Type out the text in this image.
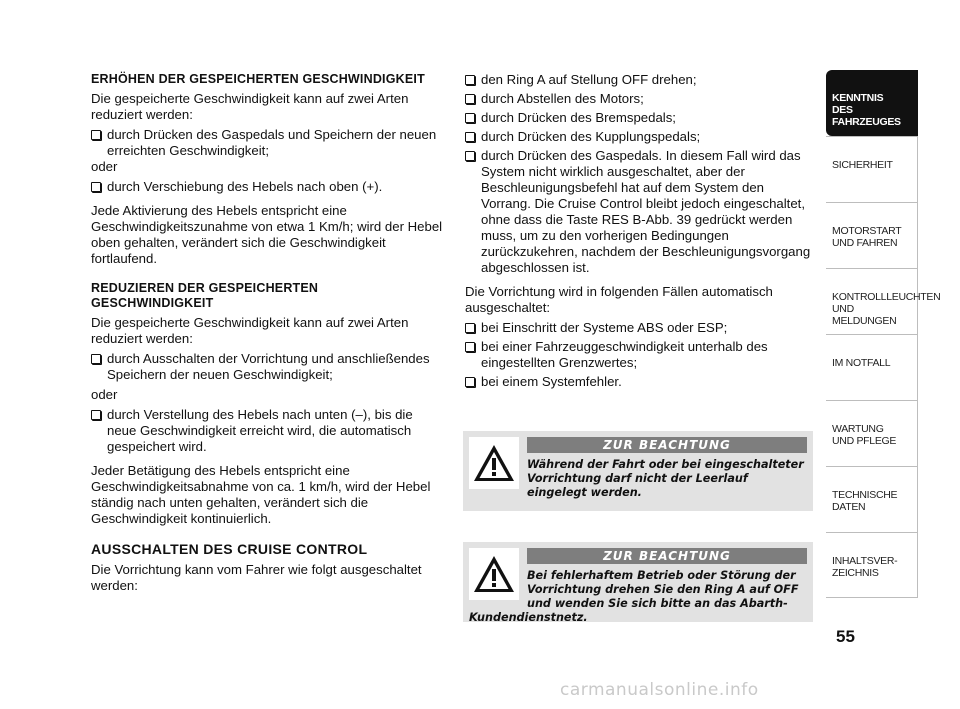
ERHÖHEN DER GESPEICHERTEN GESCHWINDIGKEIT

Die gespeicherte Geschwindigkeit kann auf zwei Arten reduziert werden:

durch Drücken des Gaspedals und Speichern der neuen erreichten Geschwindigkeit;

oder

durch Verschiebung des Hebels nach oben (+).

Jede Aktivierung des Hebels entspricht eine Geschwindigkeitszunahme von etwa 1 Km/h; wird der Hebel oben gehalten, verändert sich die Geschwindigkeit fortlaufend.

REDUZIEREN DER GESPEICHERTEN GESCHWINDIGKEIT

Die gespeicherte Geschwindigkeit kann auf zwei Arten reduziert werden:

durch Ausschalten der Vorrichtung und anschließendes Speichern der neuen Geschwindigkeit;

oder

durch Verstellung des Hebels nach unten (–), bis die neue Geschwindigkeit erreicht wird, die automatisch gespeichert wird.

Jeder Betätigung des Hebels entspricht eine Geschwindigkeitsabnahme von ca. 1 km/h, wird der Hebel ständig nach unten gehalten, verändert sich die Geschwindigkeit kontinuierlich.

AUSSCHALTEN DES CRUISE CONTROL

Die Vorrichtung kann vom Fahrer wie folgt ausgeschaltet werden:

den Ring A auf Stellung OFF drehen;
durch Abstellen des Motors;
durch Drücken des Bremspedals;
durch Drücken des Kupplungspedals;
durch Drücken des Gaspedals. In diesem Fall wird das System nicht wirklich ausgeschaltet, aber der Beschleunigungsbefehl hat auf dem System den Vorrang. Die Cruise Control bleibt jedoch eingeschaltet, ohne dass die Taste RES B-Abb. 39 gedrückt werden muss, um zu den vorherigen Bedingungen zurückzukehren, nachdem der Beschleunigungsvorgang abgeschlossen ist.

Die Vorrichtung wird in folgenden Fällen automatisch ausgeschaltet:

bei Einschritt der Systeme ABS oder ESP;
bei einer Fahrzeuggeschwindigkeit unterhalb des eingestellten Grenzwertes;
bei einem Systemfehler.
ZUR BEACHTUNG
Während der Fahrt oder bei eingeschalteter Vorrichtung darf nicht der Leerlauf eingelegt werden.
ZUR BEACHTUNG
Bei fehlerhaftem Betrieb oder Störung der Vorrichtung drehen Sie den Ring A auf OFF und wenden Sie sich bitte an das Abarth-Kundendienstnetz.
KENNTNIS
DES FAHRZEUGES
SICHERHEIT
MOTORSTART
UND FAHREN
KONTROLLLEUCHTEN
UND MELDUNGEN
IM NOTFALL
WARTUNG
UND PFLEGE
TECHNISCHE
DATEN
INHALTSVER-
ZEICHNIS
55
carmanualsonline.info
